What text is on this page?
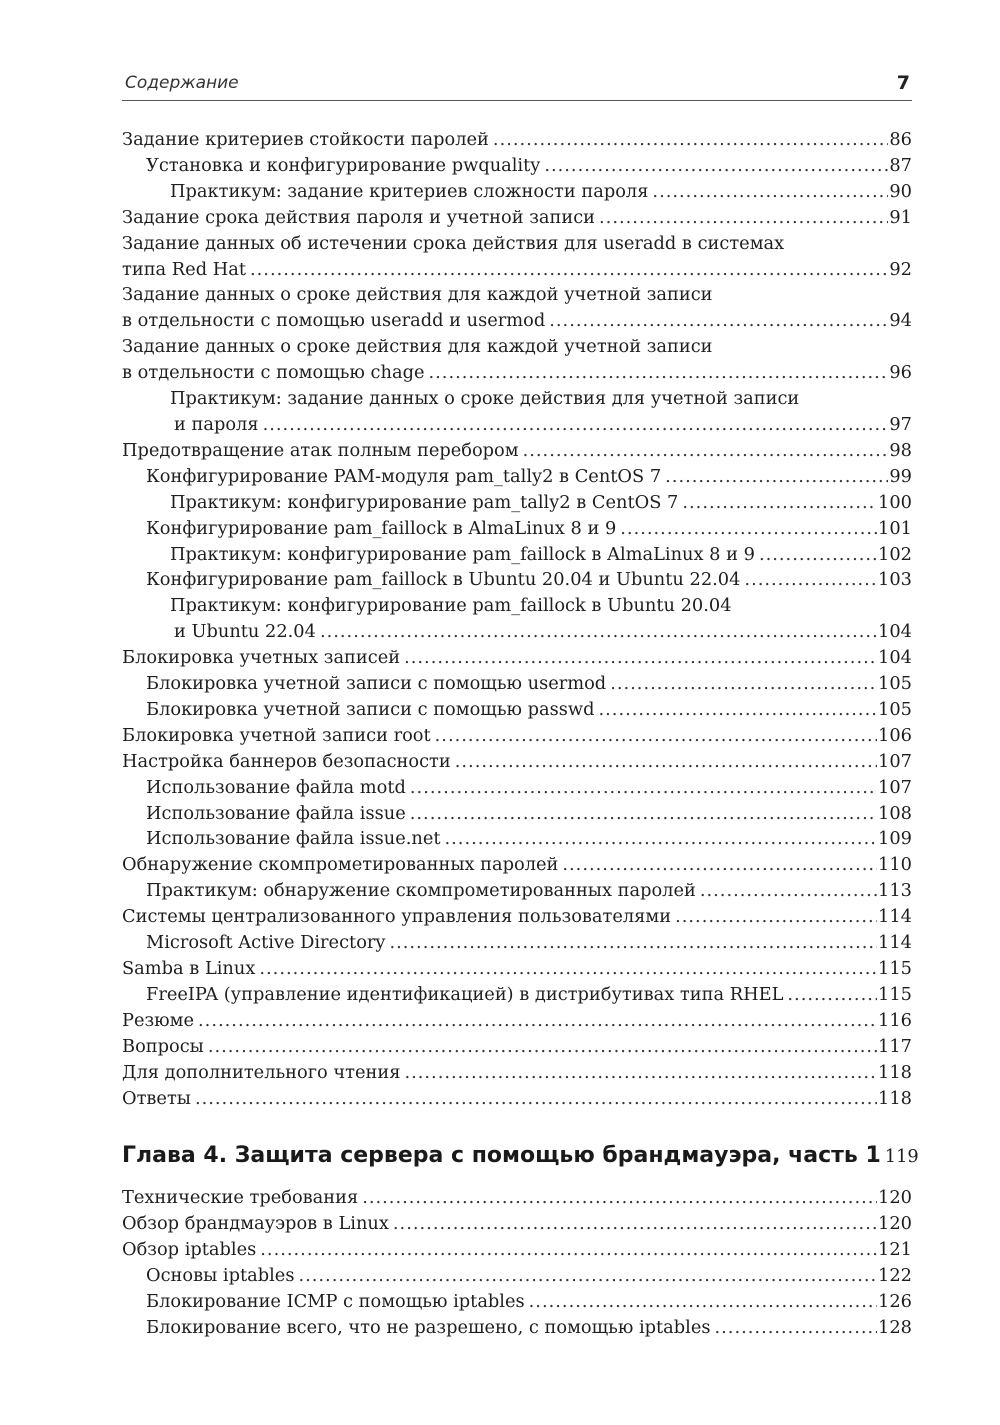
Содержание	7
Задание критериев стойкости паролей .....	86
Установка и конфигурирование pwquality .....	87
Практикум: задание критериев сложности пароля .....	90
Задание срока действия пароля и учетной записи .....	91
Задание данных об истечении срока действия для useradd в системах
типа Red Hat .....	92
Задание данных о сроке действия для каждой учетной записи
в отдельности с помощью useradd и usermod .....	94
Задание данных о сроке действия для каждой учетной записи
в отдельности с помощью chage .....	96
Практикум: задание данных о сроке действия для учетной записи
и пароля .....	97
Предотвращение атак полным перебором .....	98
Конфигурирование PAM-модуля pam_tally2 в CentOS 7 .....	99
Практикум: конфигурирование pam_tally2 в CentOS 7 .....	100
Конфигурирование pam_faillock в AlmaLinux 8 и 9 .....	101
Практикум: конфигурирование pam_faillock в AlmaLinux 8 и 9 .....	102
Конфигурирование pam_faillock в Ubuntu 20.04 и Ubuntu 22.04 .....	103
Практикум: конфигурирование pam_faillock в Ubuntu 20.04
и Ubuntu 22.04 .....	104
Блокировка учетных записей .....	104
Блокировка учетной записи с помощью usermod .....	105
Блокировка учетной записи с помощью passwd .....	105
Блокировка учетной записи root .....	106
Настройка баннеров безопасности .....	107
Использование файла motd .....	107
Использование файла issue .....	108
Использование файла issue.net .....	109
Обнаружение скомпрометированных паролей .....	110
Практикум: обнаружение скомпрометированных паролей .....	113
Системы централизованного управления пользователями .....	114
Microsoft Active Directory .....	114
Samba в Linux .....	115
FreeIPA (управление идентификацией) в дистрибутивах типа RHEL .....	115
Резюме .....	116
Вопросы .....	117
Для дополнительного чтения .....	118
Ответы .....	118
Глава 4. Защита сервера с помощью брандмауэра, часть 1 119
Технические требования .....	120
Обзор брандмауэров в Linux .....	120
Обзор iptables .....	121
Основы iptables .....	122
Блокирование ICMP с помощью iptables .....	126
Блокирование всего, что не разрешено, с помощью iptables .....	128
